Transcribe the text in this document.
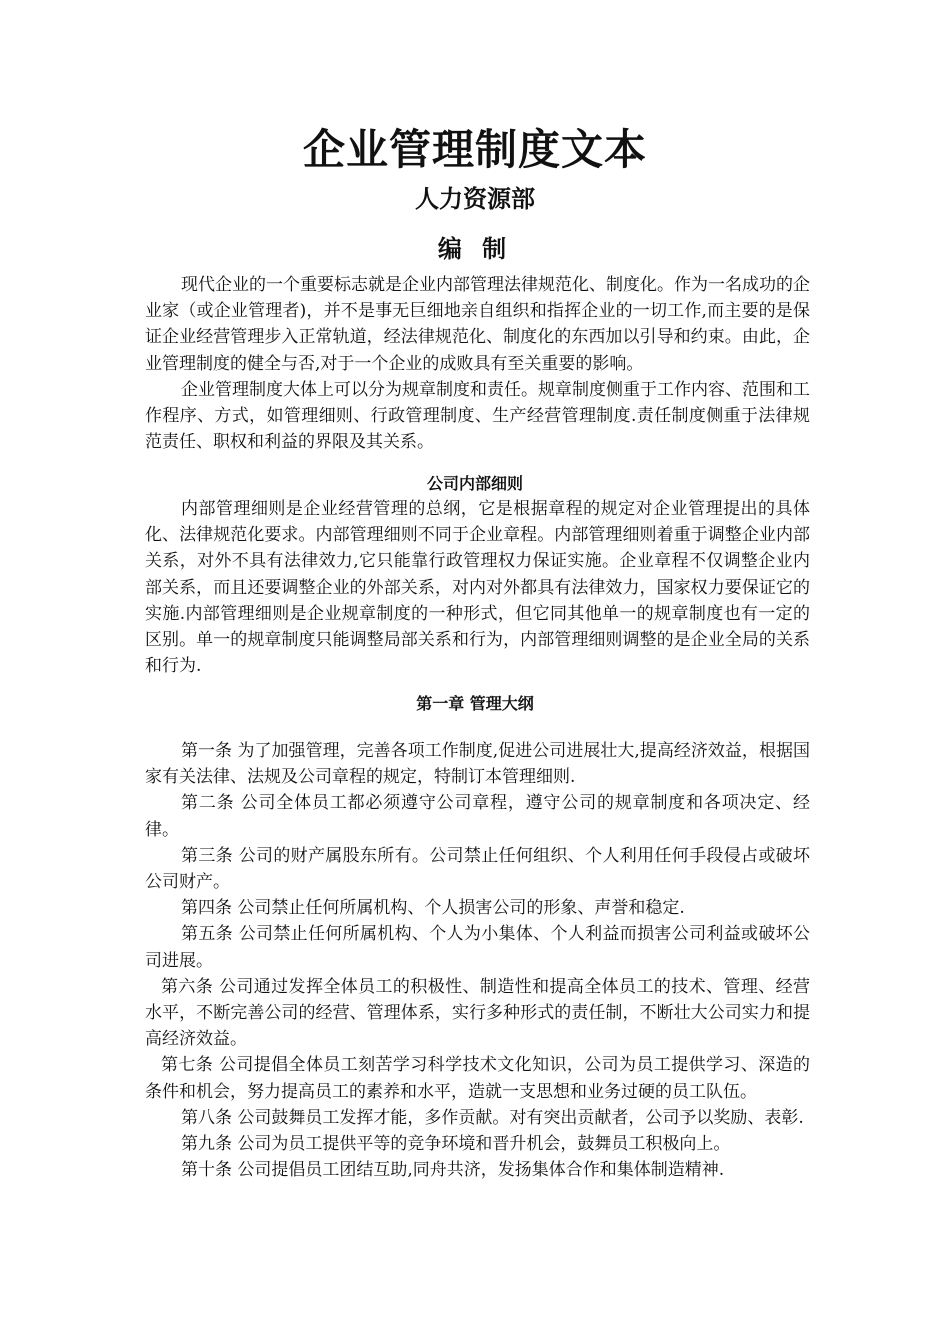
企业管理制度文本
人力资源部
编 制

现代企业的一个重要标志就是企业内部管理法律规范化、制度化。作为一名成功的企业家（或企业管理者)，并不是事无巨细地亲自组织和指挥企业的一切工作,而主要的是保证企业经营管理步入正常轨道，经法律规范化、制度化的东西加以引导和约束。由此，企业管理制度的健全与否,对于一个企业的成败具有至关重要的影响。

企业管理制度大体上可以分为规章制度和责任。规章制度侧重于工作内容、范围和工作程序、方式，如管理细则、行政管理制度、生产经营管理制度.责任制度侧重于法律规范责任、职权和利益的界限及其关系。

公司内部细则

内部管理细则是企业经营管理的总纲，它是根据章程的规定对企业管理提出的具体化、法律规范化要求。内部管理细则不同于企业章程。内部管理细则着重于调整企业内部关系，对外不具有法律效力,它只能靠行政管理权力保证实施。企业章程不仅调整企业内部关系，而且还要调整企业的外部关系，对内对外都具有法律效力，国家权力要保证它的实施.内部管理细则是企业规章制度的一种形式，但它同其他单一的规章制度也有一定的区别。单一的规章制度只能调整局部关系和行为，内部管理细则调整的是企业全局的关系和行为.

第一章 管理大纲

第一条 为了加强管理，完善各项工作制度,促进公司进展壮大,提高经济效益，根据国家有关法律、法规及公司章程的规定，特制订本管理细则.

第二条 公司全体员工都必须遵守公司章程，遵守公司的规章制度和各项决定、经律。

第三条 公司的财产属股东所有。公司禁止任何组织、个人利用任何手段侵占或破坏公司财产。

第四条 公司禁止任何所属机构、个人损害公司的形象、声誉和稳定.

第五条 公司禁止任何所属机构、个人为小集体、个人利益而损害公司利益或破坏公司进展。

第六条 公司通过发挥全体员工的积极性、制造性和提高全体员工的技术、管理、经营水平，不断完善公司的经营、管理体系，实行多种形式的责任制，不断壮大公司实力和提高经济效益。

第七条 公司提倡全体员工刻苦学习科学技术文化知识，公司为员工提供学习、深造的条件和机会，努力提高员工的素养和水平，造就一支思想和业务过硬的员工队伍。

第八条 公司鼓舞员工发挥才能，多作贡献。对有突出贡献者，公司予以奖励、表彰.

第九条 公司为员工提供平等的竞争环境和晋升机会，鼓舞员工积极向上。

第十条 公司提倡员工团结互助,同舟共济，发扬集体合作和集体制造精神.
